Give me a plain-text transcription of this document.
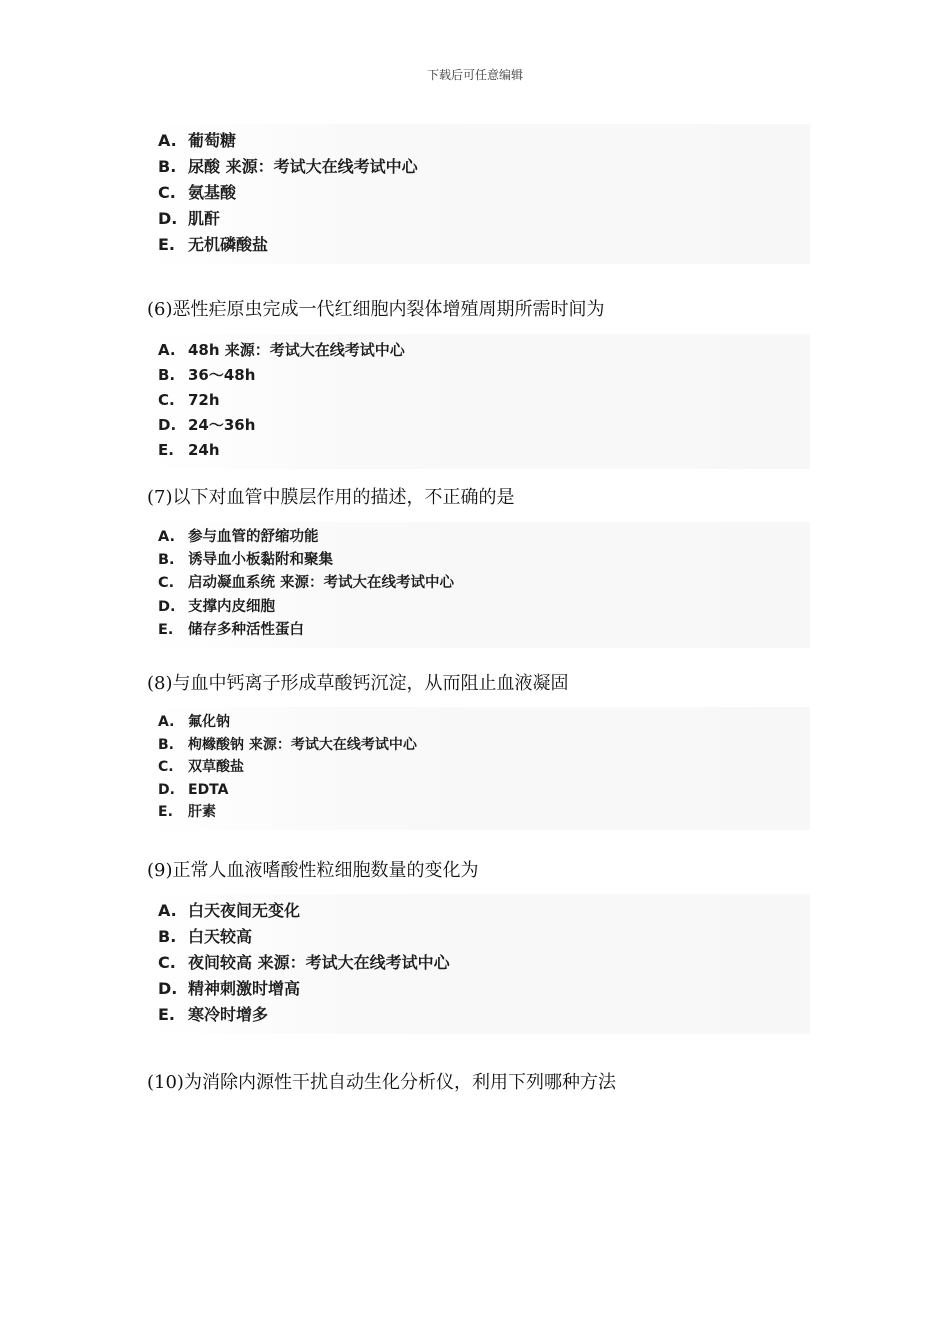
下载后可任意编辑
A. 葡萄糖
B. 尿酸 来源：考试大在线考试中心
C. 氨基酸
D. 肌酐
E. 无机磷酸盐
(6)恶性疟原虫完成一代红细胞内裂体增殖周期所需时间为
A. 48h 来源：考试大在线考试中心
B. 36～48h
C. 72h
D. 24～36h
E. 24h
(7)以下对血管中膜层作用的描述，不正确的是
A. 参与血管的舒缩功能
B. 诱导血小板黏附和聚集
C. 启动凝血系统 来源：考试大在线考试中心
D. 支撑内皮细胞
E. 储存多种活性蛋白
(8)与血中钙离子形成草酸钙沉淀，从而阻止血液凝固
A. 氟化钠
B. 枸橼酸钠 来源：考试大在线考试中心
C. 双草酸盐
D. EDTA
E. 肝素
(9)正常人血液嗜酸性粒细胞数量的变化为
A. 白天夜间无变化
B. 白天较高
C. 夜间较高 来源：考试大在线考试中心
D. 精神刺激时增高
E. 寒冷时增多
(10)为消除内源性干扰自动生化分析仪，利用下列哪种方法
